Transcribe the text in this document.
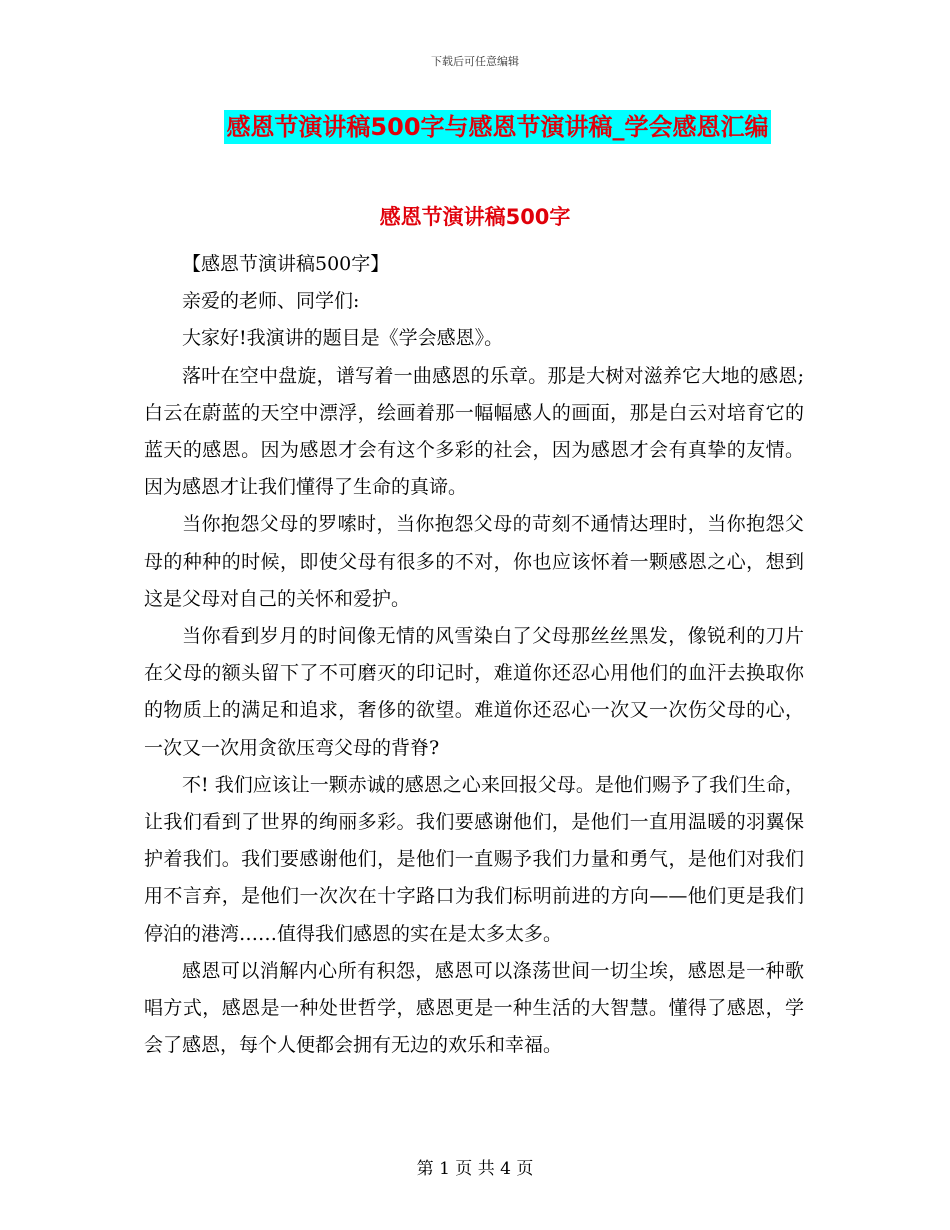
下载后可任意编辑
感恩节演讲稿500字与感恩节演讲稿_学会感恩汇编
感恩节演讲稿500字

【感恩节演讲稿500字】

亲爱的老师、同学们:

大家好!我演讲的题目是《学会感恩》。

落叶在空中盘旋，谱写着一曲感恩的乐章。那是大树对滋养它大地的感恩;白云在蔚蓝的天空中漂浮，绘画着那一幅幅感人的画面，那是白云对培育它的蓝天的感恩。因为感恩才会有这个多彩的社会，因为感恩才会有真挚的友情。因为感恩才让我们懂得了生命的真谛。

当你抱怨父母的罗嗦时，当你抱怨父母的苛刻不通情达理时，当你抱怨父母的种种的时候，即使父母有很多的不对，你也应该怀着一颗感恩之心，想到这是父母对自己的关怀和爱护。

当你看到岁月的时间像无情的风雪染白了父母那丝丝黑发，像锐利的刀片在父母的额头留下了不可磨灭的印记时，难道你还忍心用他们的血汗去换取你的物质上的满足和追求，奢侈的欲望。难道你还忍心一次又一次伤父母的心，一次又一次用贪欲压弯父母的背脊?

不! 我们应该让一颗赤诚的感恩之心来回报父母。是他们赐予了我们生命，让我们看到了世界的绚丽多彩。我们要感谢他们，是他们一直用温暖的羽翼保护着我们。我们要感谢他们，是他们一直赐予我们力量和勇气，是他们对我们用不言弃，是他们一次次在十字路口为我们标明前进的方向——他们更是我们停泊的港湾……值得我们感恩的实在是太多太多。

感恩可以消解内心所有积怨，感恩可以涤荡世间一切尘埃，感恩是一种歌唱方式，感恩是一种处世哲学，感恩更是一种生活的大智慧。懂得了感恩，学会了感恩，每个人便都会拥有无边的欢乐和幸福。

第 1 页 共 4 页
